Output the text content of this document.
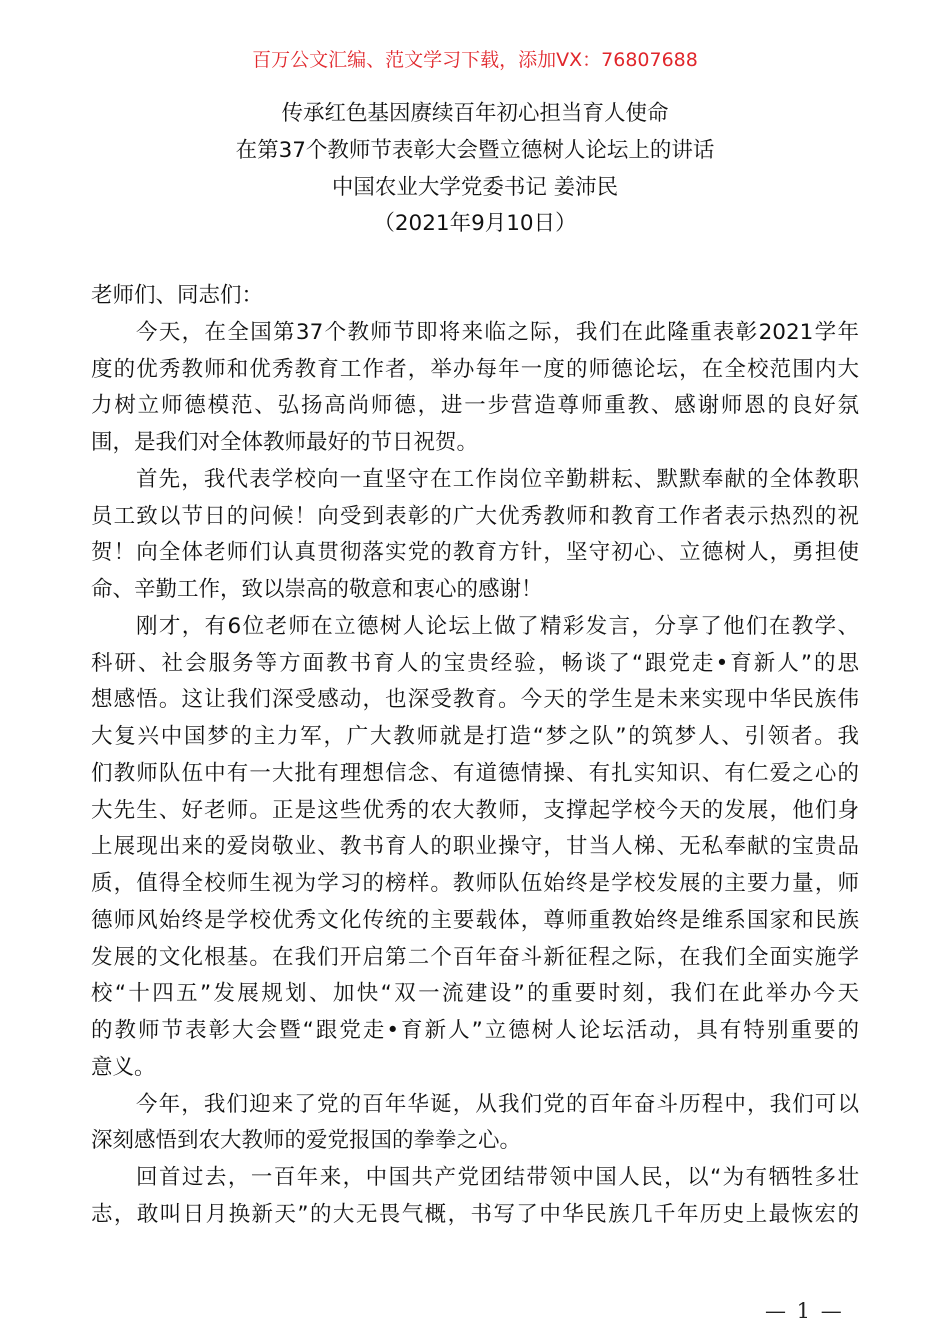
百万公文汇编、范文学习下载，添加VX：76807688
传承红色基因赓续百年初心担当育人使命
在第37个教师节表彰大会暨立德树人论坛上的讲话
中国农业大学党委书记 姜沛民
（2021年9月10日）
老师们、同志们：
今天，在全国第37个教师节即将来临之际，我们在此隆重表彰2021学年
度的优秀教师和优秀教育工作者，举办每年一度的师德论坛，在全校范围内大
力树立师德模范、弘扬高尚师德，进一步营造尊师重教、感谢师恩的良好氛
围，是我们对全体教师最好的节日祝贺。
首先，我代表学校向一直坚守在工作岗位辛勤耕耘、默默奉献的全体教职
员工致以节日的问候！向受到表彰的广大优秀教师和教育工作者表示热烈的祝
贺！向全体老师们认真贯彻落实党的教育方针，坚守初心、立德树人，勇担使
命、辛勤工作，致以崇高的敬意和衷心的感谢！
刚才，有6位老师在立德树人论坛上做了精彩发言，分享了他们在教学、
科研、社会服务等方面教书育人的宝贵经验，畅谈了“跟党走•育新人”的思
想感悟。这让我们深受感动，也深受教育。今天的学生是未来实现中华民族伟
大复兴中国梦的主力军，广大教师就是打造“梦之队”的筑梦人、引领者。我
们教师队伍中有一大批有理想信念、有道德情操、有扎实知识、有仁爱之心的
大先生、好老师。正是这些优秀的农大教师，支撑起学校今天的发展，他们身
上展现出来的爱岗敬业、教书育人的职业操守，甘当人梯、无私奉献的宝贵品
质，值得全校师生视为学习的榜样。教师队伍始终是学校发展的主要力量，师
德师风始终是学校优秀文化传统的主要载体，尊师重教始终是维系国家和民族
发展的文化根基。在我们开启第二个百年奋斗新征程之际，在我们全面实施学
校“十四五”发展规划、加快“双一流建设”的重要时刻，我们在此举办今天
的教师节表彰大会暨“跟党走•育新人”立德树人论坛活动，具有特别重要的
意义。
今年，我们迎来了党的百年华诞，从我们党的百年奋斗历程中，我们可以
深刻感悟到农大教师的爱党报国的拳拳之心。
回首过去，一百年来，中国共产党团结带领中国人民，以“为有牺牲多壮
志，敢叫日月换新天”的大无畏气概，书写了中华民族几千年历史上最恢宏的
— 1 —
